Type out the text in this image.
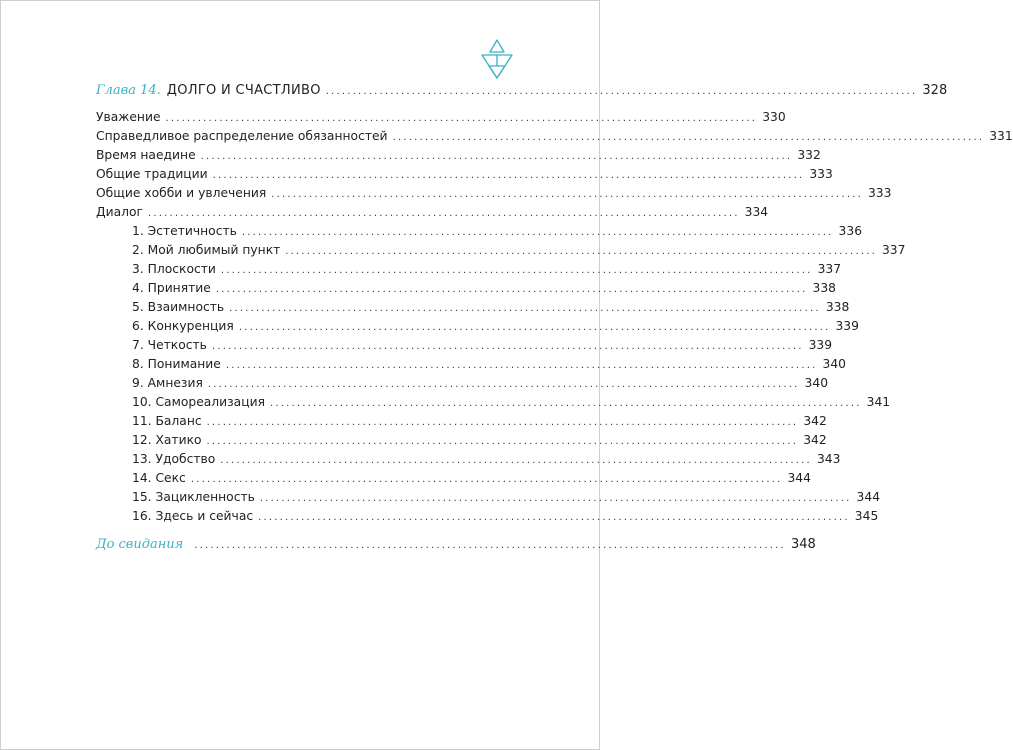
Глава 14. ДОЛГО И СЧАСТЛИВО .............................................................................................................. 328
Уважение .............................................................................................................. 330
Справедливое распределение обязанностей .............................................................................................................. 331
Время наедине .............................................................................................................. 332
Общие традиции .............................................................................................................. 333
Общие хобби и увлечения .............................................................................................................. 333
Диалог .............................................................................................................. 334
1. Эстетичность .............................................................................................................. 336
2. Мой любимый пункт .............................................................................................................. 337
3. Плоскости .............................................................................................................. 337
4. Принятие .............................................................................................................. 338
5. Взаимность .............................................................................................................. 338
6. Конкуренция .............................................................................................................. 339
7. Четкость .............................................................................................................. 339
8. Понимание .............................................................................................................. 340
9. Амнезия .............................................................................................................. 340
10. Самореализация .............................................................................................................. 341
11. Баланс .............................................................................................................. 342
12. Хатико .............................................................................................................. 342
13. Удобство .............................................................................................................. 343
14. Секс .............................................................................................................. 344
15. Зацикленность .............................................................................................................. 344
16. Здесь и сейчас .............................................................................................................. 345
До свидания .............................................................................................................. 348
